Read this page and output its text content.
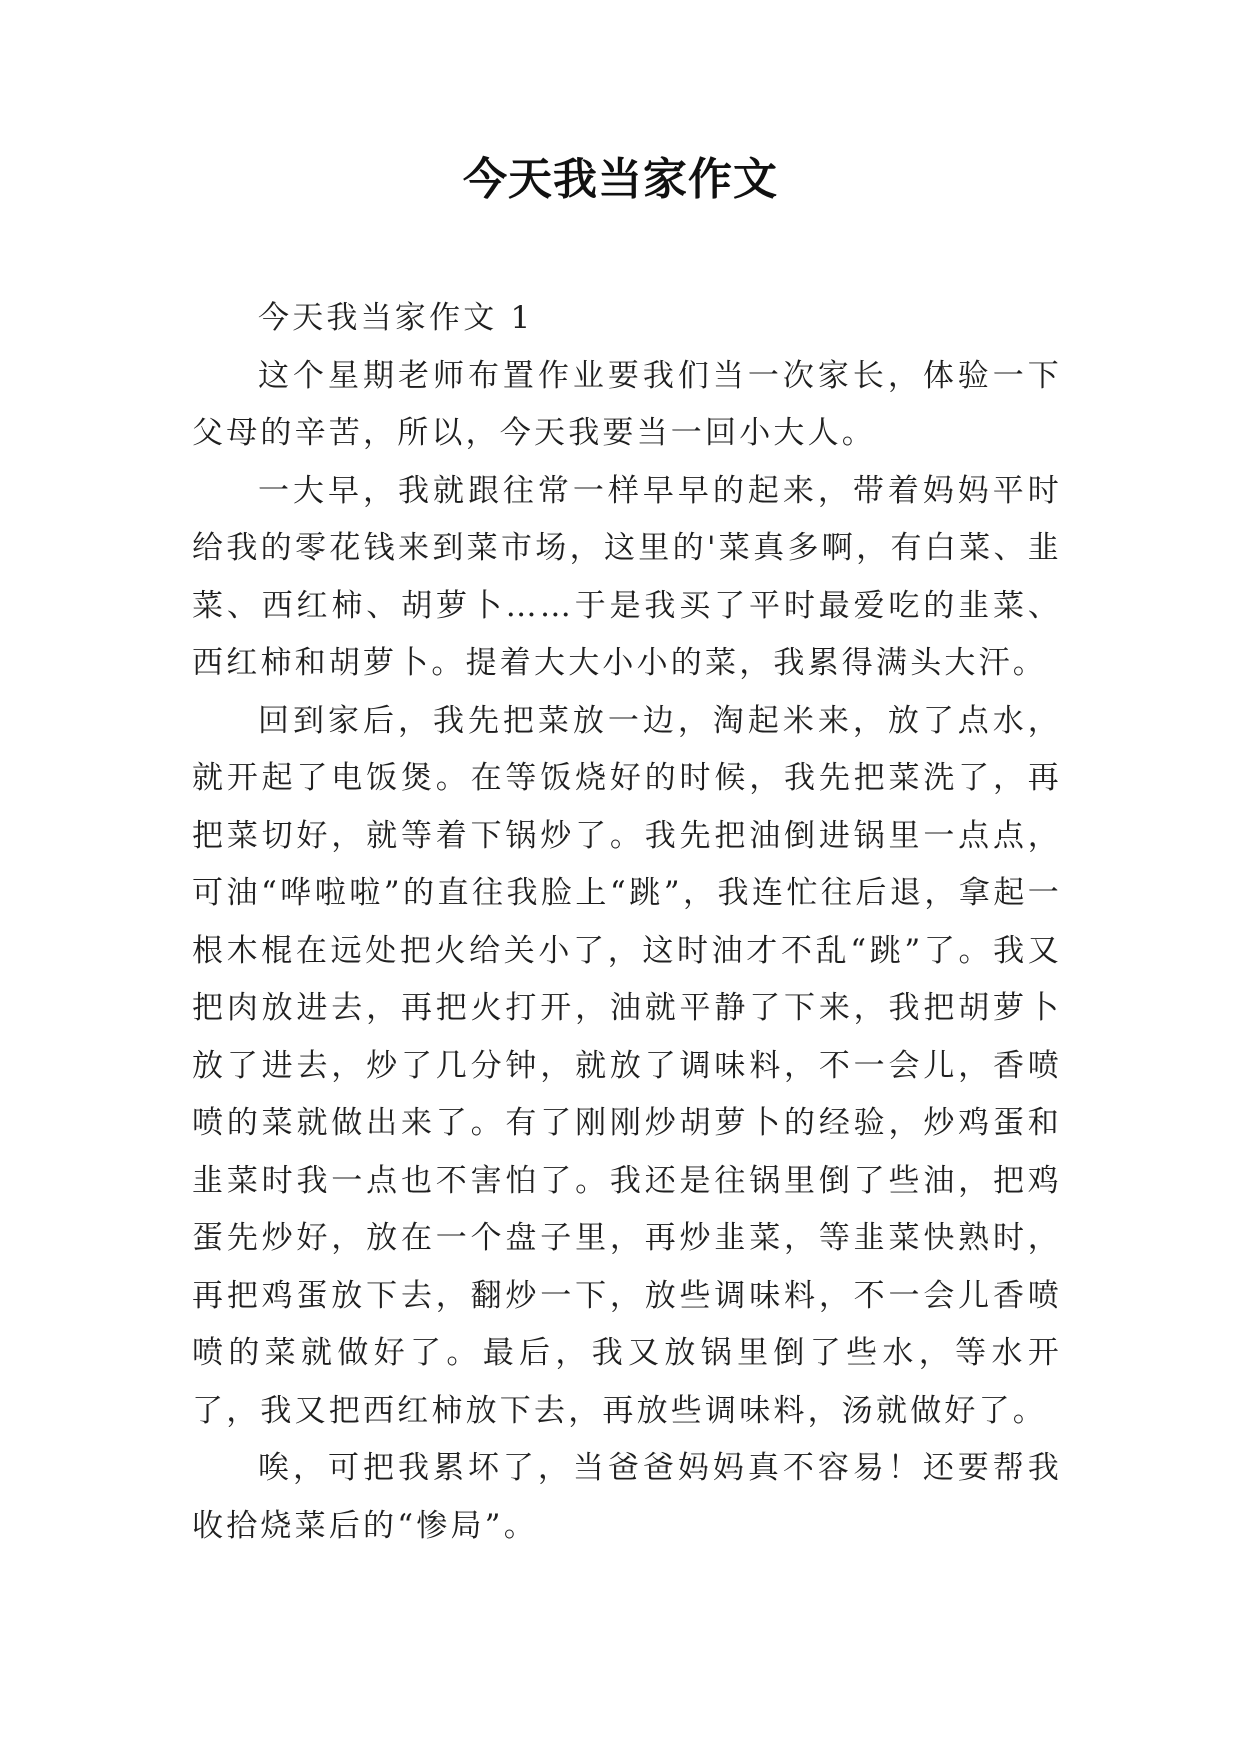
今天我当家作文

今天我当家作文 1

这个星期老师布置作业要我们当一次家长，体验一下父母的辛苦，所以，今天我要当一回小大人。

一大早，我就跟往常一样早早的起来，带着妈妈平时给我的零花钱来到菜市场，这里的'菜真多啊，有白菜、韭菜、西红柿、胡萝卜……于是我买了平时最爱吃的韭菜、西红柿和胡萝卜。提着大大小小的菜，我累得满头大汗。

回到家后，我先把菜放一边，淘起米来，放了点水，就开起了电饭煲。在等饭烧好的时候，我先把菜洗了，再把菜切好，就等着下锅炒了。我先把油倒进锅里一点点，可油“哗啦啦”的直往我脸上“跳”，我连忙往后退，拿起一根木棍在远处把火给关小了，这时油才不乱“跳”了。我又把肉放进去，再把火打开，油就平静了下来，我把胡萝卜放了进去，炒了几分钟，就放了调味料，不一会儿，香喷喷的菜就做出来了。有了刚刚炒胡萝卜的经验，炒鸡蛋和韭菜时我一点也不害怕了。我还是往锅里倒了些油，把鸡蛋先炒好，放在一个盘子里，再炒韭菜，等韭菜快熟时，再把鸡蛋放下去，翻炒一下，放些调味料，不一会儿香喷喷的菜就做好了。最后，我又放锅里倒了些水，等水开了，我又把西红柿放下去，再放些调味料，汤就做好了。

唉，可把我累坏了，当爸爸妈妈真不容易！还要帮我收拾烧菜后的“惨局”。
